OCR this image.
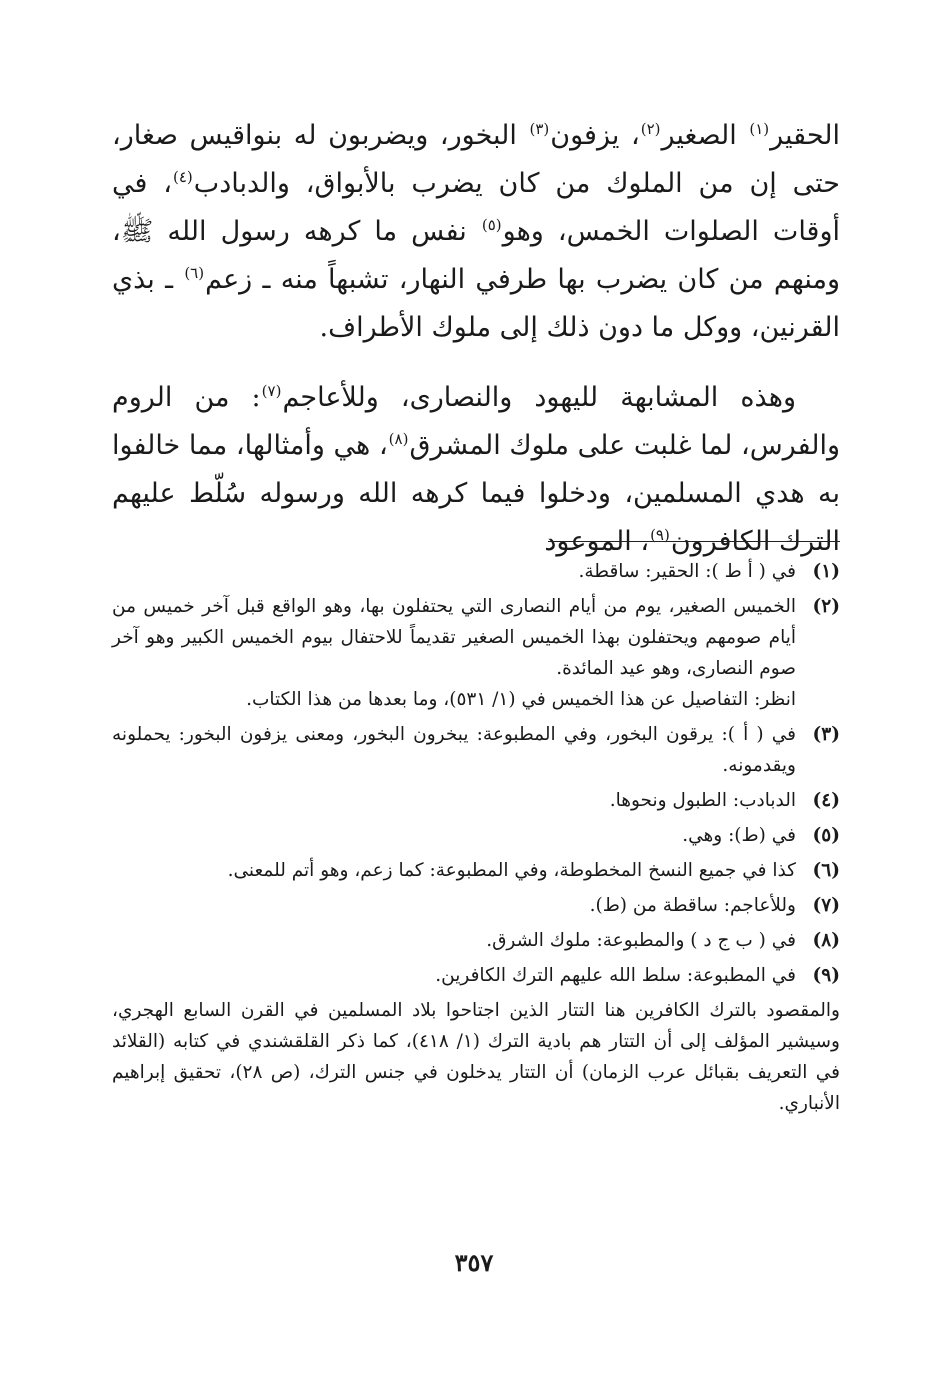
الحقير$^{(١)}$ الصغير$^{(٢)}$، يزفون$^{(٣)}$ البخور، ويضربون له بنواقيس صغار، حتى إن من الملوك من كان يضرب بالأبواق، والدبادب$^{(٤)}$، في أوقات الصلوات الخمس، وهو$^{(٥)}$ نفس ما كرهه رسول الله ﷺ، ومنهم من كان يضرب بها طرفي النهار، تشبهاً منه ـ زعم$^{(٦)}$ ـ بذي القرنين، ووكل ما دون ذلك إلى ملوك الأطراف.

وهذه المشابهة لليهود والنصارى، وللأعاجم$^{(٧)}$: من الروم والفرس، لما غلبت على ملوك المشرق$^{(٨)}$، هي وأمثالها، مما خالفوا به هدي المسلمين، ودخلوا فيما كرهه الله ورسوله سُلّط عليهم الترك الكافرون$^{(٩)}$، الموعود

(١)

في ( أ ط ): الحقير: ساقطة.

(٢)

الخميس الصغير، يوم من أيام النصارى التي يحتفلون بها، وهو الواقع قبل آخر خميس من أيام صومهم ويحتفلون بهذا الخميس الصغير تقديماً للاحتفال بيوم الخميس الكبير وهو آخر صوم النصارى، وهو عيد المائدة.

انظر: التفاصيل عن هذا الخميس في (١/ ٥٣١)، وما بعدها من هذا الكتاب.

(٣)

في ( أ ): يرقون البخور، وفي المطبوعة: يبخرون البخور، ومعنى يزفون البخور: يحملونه ويقدمونه.

(٤)

الدبادب: الطبول ونحوها.

(٥)

في (ط): وهي.

(٦)

كذا في جميع النسخ المخطوطة، وفي المطبوعة: كما زعم، وهو أتم للمعنى.

(٧)

وللأعاجم: ساقطة من (ط).

(٨)

في ( ب ج د ) والمطبوعة: ملوك الشرق.

(٩)

في المطبوعة: سلط الله عليهم الترك الكافرين.

والمقصود بالترك الكافرين هنا التتار الذين اجتاحوا بلاد المسلمين في القرن السابع الهجري، وسيشير المؤلف إلى أن التتار هم بادية الترك (١/ ٤١٨)، كما ذكر القلقشندي في كتابه (القلائد في التعريف بقبائل عرب الزمان) أن التتار يدخلون في جنس الترك، (ص ٢٨)، تحقيق إبراهيم الأنباري.

٣٥٧
